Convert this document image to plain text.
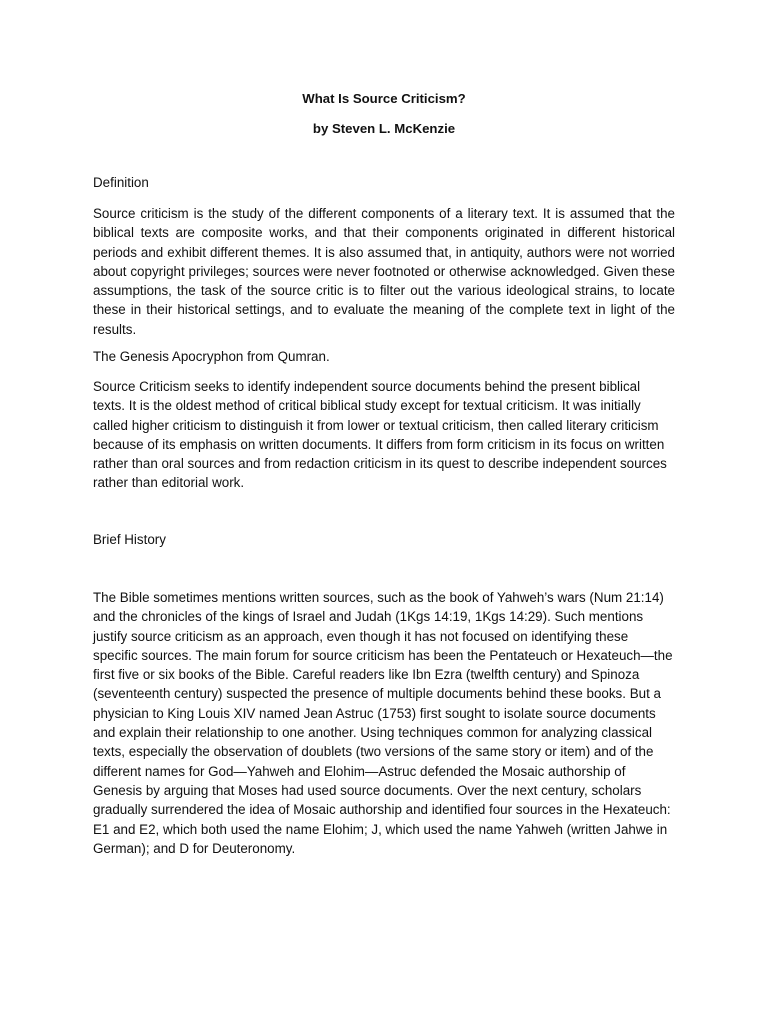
What Is Source Criticism?
by Steven L. McKenzie
Definition

Source criticism is the study of the different components of a literary text. It is assumed that the biblical texts are composite works, and that their components originated in different historical periods and exhibit different themes. It is also assumed that, in antiquity, authors were not worried about copyright privileges; sources were never footnoted or otherwise acknowledged. Given these assumptions, the task of the source critic is to filter out the various ideological strains, to locate these in their historical settings, and to evaluate the meaning of the complete text in light of the results.

The Genesis Apocryphon from Qumran.

Source Criticism seeks to identify independent source documents behind the present biblical texts. It is the oldest method of critical biblical study except for textual criticism. It was initially called higher criticism to distinguish it from lower or textual criticism, then called literary criticism because of its emphasis on written documents. It differs from form criticism in its focus on written rather than oral sources and from redaction criticism in its quest to describe independent sources rather than editorial work.

Brief History

The Bible sometimes mentions written sources, such as the book of Yahweh’s wars (Num 21:14) and the chronicles of the kings of Israel and Judah (1Kgs 14:19, 1Kgs 14:29). Such mentions justify source criticism as an approach, even though it has not focused on identifying these specific sources. The main forum for source criticism has been the Pentateuch or Hexateuch—the first five or six books of the Bible. Careful readers like Ibn Ezra (twelfth century) and Spinoza (seventeenth century) suspected the presence of multiple documents behind these books. But a physician to King Louis XIV named Jean Astruc (1753) first sought to isolate source documents and explain their relationship to one another. Using techniques common for analyzing classical texts, especially the observation of doublets (two versions of the same story or item) and of the different names for God—Yahweh and Elohim—Astruc defended the Mosaic authorship of Genesis by arguing that Moses had used source documents. Over the next century, scholars gradually surrendered the idea of Mosaic authorship and identified four sources in the Hexateuch: E1 and E2, which both used the name Elohim; J, which used the name Yahweh (written Jahwe in German); and D for Deuteronomy.
